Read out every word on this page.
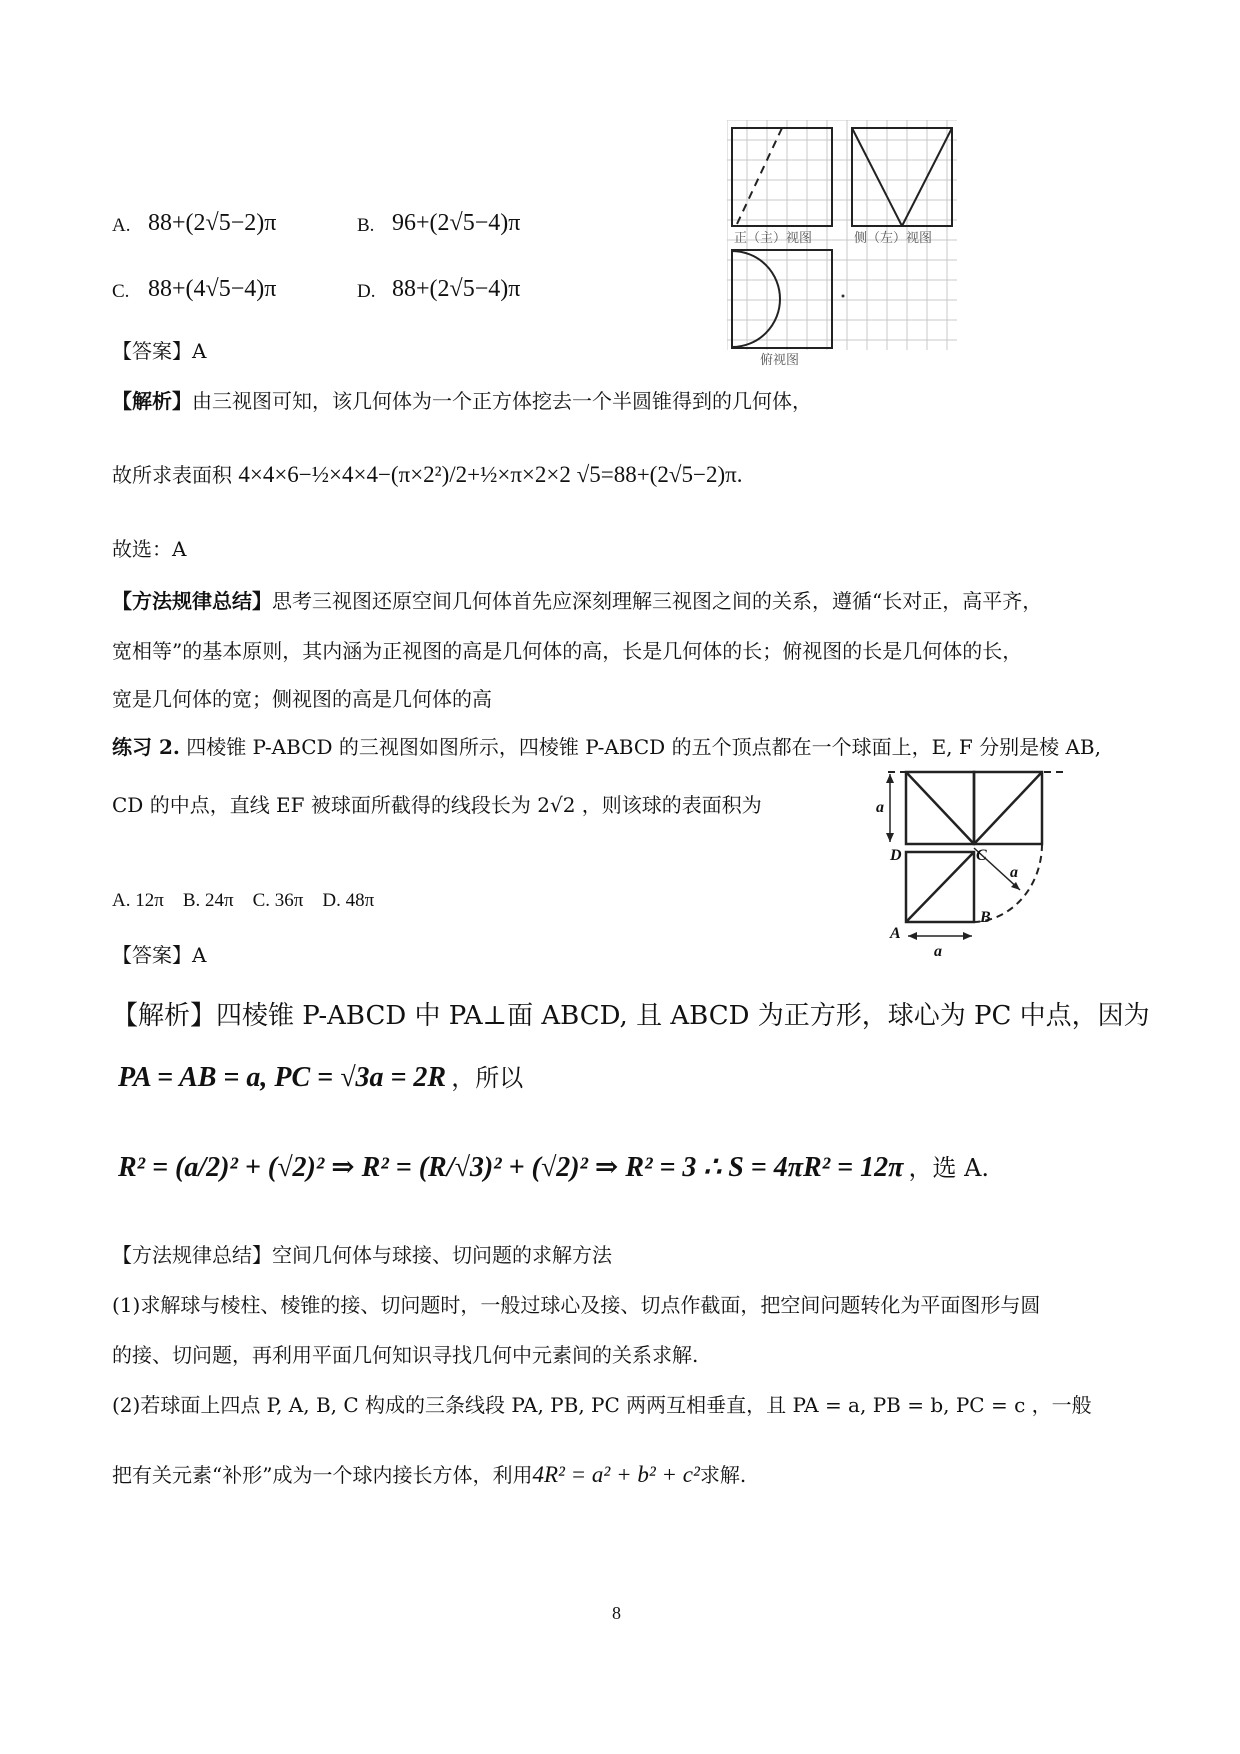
正（主）视图	侧（左）视图
俯视图
A. 88+(2√5−2)π	B. 96+(2√5−4)π
C. 88+(4√5−4)π	D. 88+(2√5−4)π
【答案】A
【解析】由三视图可知，该几何体为一个正方体挖去一个半圆锥得到的几何体，
故所求表面积 4×4×6−½×4×4−(π×2²)/2+½×π×2×2 √5=88+(2√5−2)π.
故选：A
【方法规律总结】思考三视图还原空间几何体首先应深刻理解三视图之间的关系，遵循“长对正，高平齐，
宽相等”的基本原则，其内涵为正视图的高是几何体的高，长是几何体的长；俯视图的长是几何体的长，
宽是几何体的宽；侧视图的高是几何体的高
练习 2. 四棱锥 P-ABCD 的三视图如图所示，四棱锥 P-ABCD 的五个顶点都在一个球面上，E, F 分别是棱 AB,
CD 的中点，直线 EF 被球面所截得的线段长为 2√2 ，则该球的表面积为	a
D	C
a
B
A
a
A. 12π    B. 24π    C. 36π    D. 48π
【答案】A
【解析】四棱锥 P-ABCD 中 PA⊥面 ABCD, 且 ABCD 为正方形，球心为 PC 中点，因为
PA = AB = a, PC = √3a = 2R ，所以
R² = (a/2)² + (√2)² ⇒ R² = (R/√3)² + (√2)² ⇒ R² = 3 ∴ S = 4πR² = 12π ，选 A.
【方法规律总结】空间几何体与球接、切问题的求解方法
(1)求解球与棱柱、棱锥的接、切问题时，一般过球心及接、切点作截面，把空间问题转化为平面图形与圆
的接、切问题，再利用平面几何知识寻找几何中元素间的关系求解.
(2)若球面上四点 P, A, B, C 构成的三条线段 PA, PB, PC 两两互相垂直，且 PA = a, PB = b, PC = c ，一般
把有关元素“补形”成为一个球内接长方体，利用4R² = a² + b² + c²求解.
8
